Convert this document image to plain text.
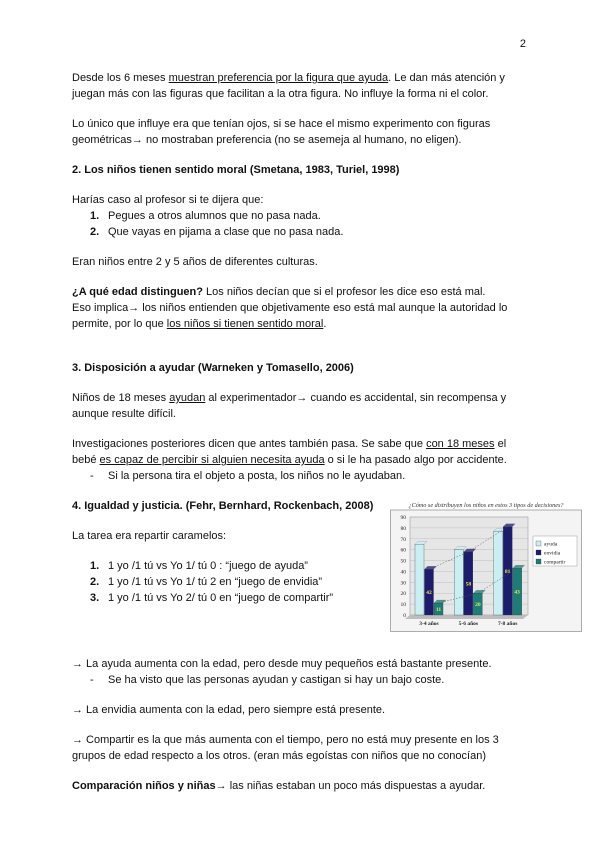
2

Desde los 6 meses muestran preferencia por la figura que ayuda. Le dan más atención y juegan más con las figuras que facilitan a la otra figura. No influye la forma ni el color.

Lo único que influye era que tenían ojos, si se hace el mismo experimento con figuras geométricas→ no mostraban preferencia (no se asemeja al humano, no eligen).

2. Los niños tienen sentido moral (Smetana, 1983, Turiel, 1998)

Harías caso al profesor si te dijera que:

1. Pegues a otros alumnos que no pasa nada.
2. Que vayas en pijama a clase que no pasa nada.

Eran niños entre 2 y 5 años de diferentes culturas.

¿A qué edad distinguen? Los niños decían que si el profesor les dice eso está mal.
Eso implica→ los niños entienden que objetivamente eso está mal aunque la autoridad lo permite, por lo que los niños si tienen sentido moral.

3. Disposición a ayudar (Warneken y Tomasello, 2006)

Niños de 18 meses ayudan al experimentador→ cuando es accidental, sin recompensa y aunque resulte difícil.

Investigaciones posteriores dicen que antes también pasa. Se sabe que con 18 meses el bebé es capaz de percibir si alguien necesita ayuda o si le ha pasado algo por accidente.

- Si la persona tira el objeto a posta, los niños no le ayudaban.

4. Igualdad y justicia. (Fehr, Bernhard, Rockenbach, 2008)

La tarea era repartir caramelos:

1. 1 yo /1 tú vs Yo 1/ tú 0 : “juego de ayuda”
2. 1 yo /1 tú vs Yo 1/ tú 2 en “juego de envidia”
3. 1 yo /1 tú vs Yo 2/ tú 0 en “juego de compartir”
¿Cómo se distribuyen los niños en estos 3 tipos de decisiones?
0
10
20
30
40
50
60
70
80
90
42
11
3-4 años
58
20
5-6 años
81
43
7-8 años
ayuda
envidia
compartir

→ La ayuda aumenta con la edad, pero desde muy pequeños está bastante presente.

- Se ha visto que las personas ayudan y castigan si hay un bajo coste.

→ La envidia aumenta con la edad, pero siempre está presente.

→ Compartir es la que más aumenta con el tiempo, pero no está muy presente en los 3 grupos de edad respecto a los otros. (eran más egoístas con niños que no conocían)

Comparación niños y niñas→ las niñas estaban un poco más dispuestas a ayudar.
